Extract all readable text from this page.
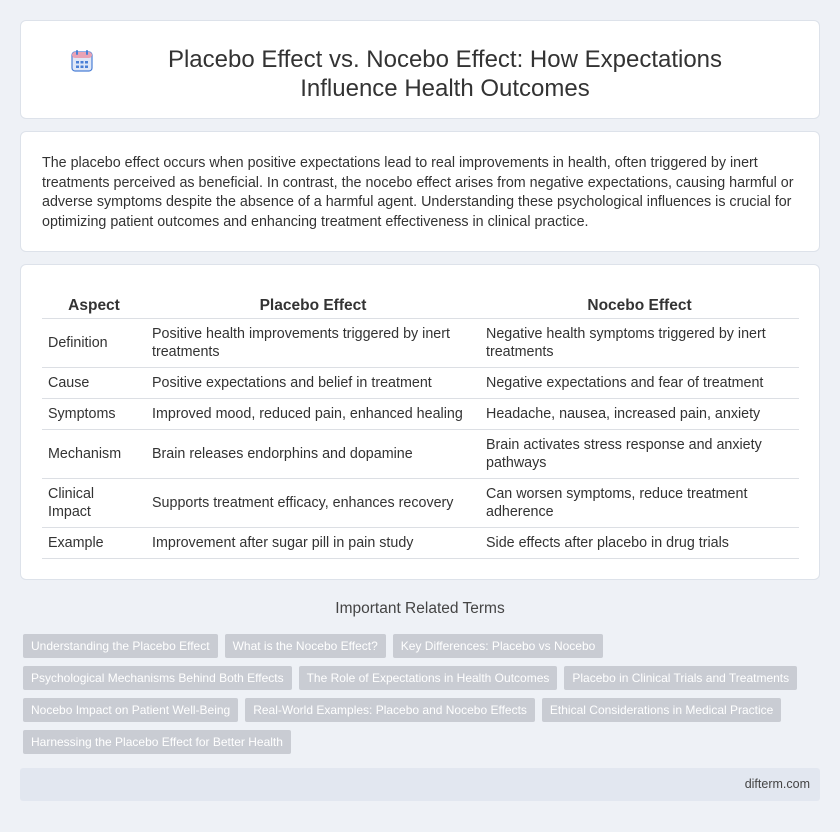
Placebo Effect vs. Nocebo Effect: How Expectations Influence Health Outcomes

The placebo effect occurs when positive expectations lead to real improvements in health, often triggered by inert treatments perceived as beneficial. In contrast, the nocebo effect arises from negative expectations, causing harmful or adverse symptoms despite the absence of a harmful agent. Understanding these psychological influences is crucial for optimizing patient outcomes and enhancing treatment effectiveness in clinical practice.

Aspect	Placebo Effect	Nocebo Effect
Definition	Positive health improvements triggered by inert treatments	Negative health symptoms triggered by inert treatments
Cause	Positive expectations and belief in treatment	Negative expectations and fear of treatment
Symptoms	Improved mood, reduced pain, enhanced healing	Headache, nausea, increased pain, anxiety
Mechanism	Brain releases endorphins and dopamine	Brain activates stress response and anxiety pathways
Clinical Impact	Supports treatment efficacy, enhances recovery	Can worsen symptoms, reduce treatment adherence
Example	Improvement after sugar pill in pain study	Side effects after placebo in drug trials
Important Related Terms
Understanding the Placebo Effect	What is the Nocebo Effect?	Key Differences: Placebo vs Nocebo
Psychological Mechanisms Behind Both Effects	The Role of Expectations in Health Outcomes	Placebo in Clinical Trials and Treatments
Nocebo Impact on Patient Well-Being	Real-World Examples: Placebo and Nocebo Effects	Ethical Considerations in Medical Practice
Harnessing the Placebo Effect for Better Health
difterm.com
